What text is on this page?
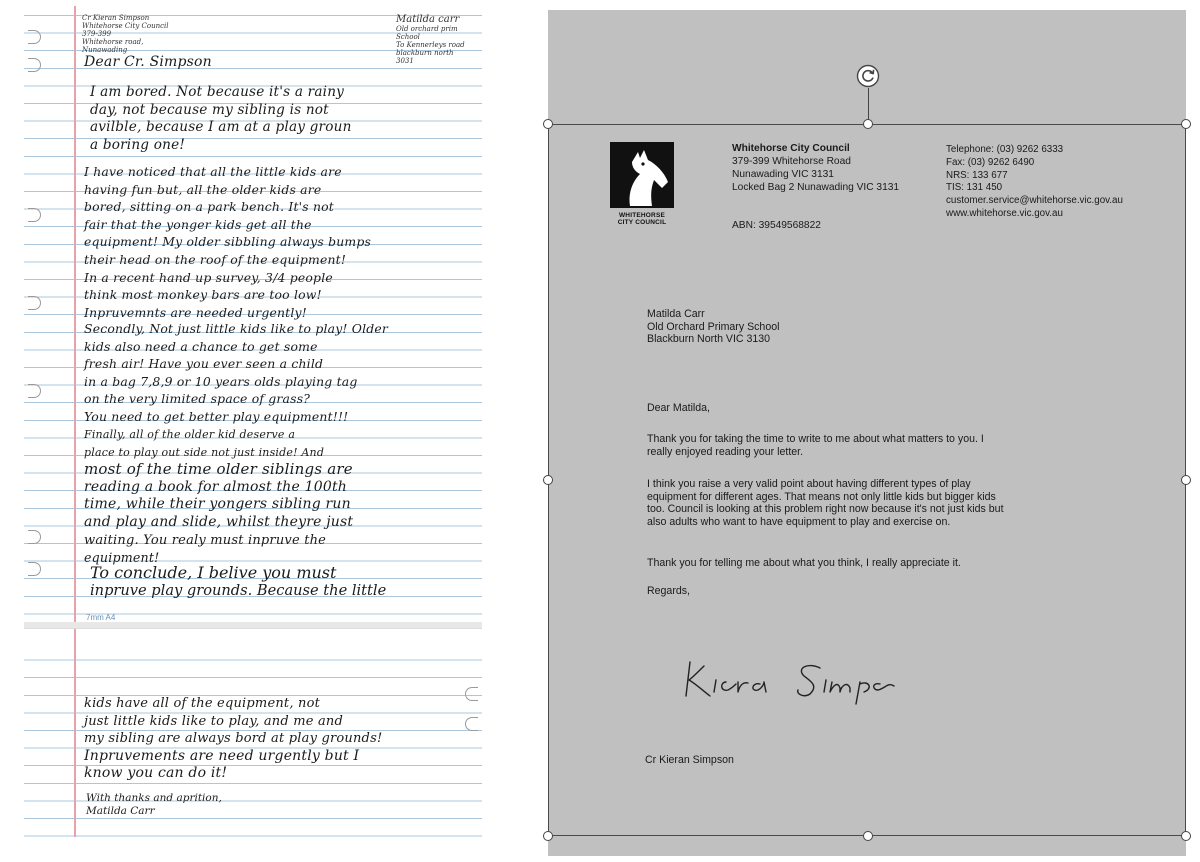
Cr Kieran Simpson
Whitehorse City Council
379-399
Whitehorse road,
Nunawading
Matilda carr
Old orchard prim
School
To Kennerleys road
blackburn north
3031
Dear Cr. Simpson
I am bored. Not because it's a rainy
day, not because my sibling is not
avilble, because I am at a play groun
a boring one!
I have noticed that all the little kids are
having fun but, all the older kids are
bored, sitting on a park bench. It's not
fair that the yonger kids get all the
equipment! My older sibbling always bumps
their head on the roof of the equipment!
In a recent hand up survey, 3/4 people
think most monkey bars are too low!
Inpruvemnts are needed urgently!
Secondly, Not just little kids like to play! Older
kids also need a chance to get some
fresh air! Have you ever seen a child
in a bag 7,8,9 or 10 years olds playing tag
on the very limited space of grass?
You need to get better play equipment!!!
Finally, all of the older kid deserve a
place to play out side not just inside! And
most of the time older siblings are
reading a book for almost the 100th
time, while their yongers sibling run
and play and slide, whilst theyre just
waiting. You realy must inpruve the
equipment!
To conclude, I belive you must
inpruve play grounds. Because the little
7mm A4
kids have all of the equipment, not
just little kids like to play, and me and
my sibling are always bord at play grounds!
Inpruvements are need urgently but I
know you can do it!
With thanks and aprition,
Matilda Carr
WHITEHORSE
CITY COUNCIL
Whitehorse City Council
379-399 Whitehorse Road
Nunawading VIC 3131
Locked Bag 2 Nunawading VIC 3131
ABN: 39549568822
Telephone: (03) 9262 6333
Fax: (03) 9262 6490
NRS: 133 677
TIS: 131 450
customer.service@whitehorse.vic.gov.au
www.whitehorse.vic.gov.au
Matilda Carr
Old Orchard Primary School
Blackburn North VIC 3130
Dear Matilda,
Thank you for taking the time to write to me about what matters to you. I
really enjoyed reading your letter.
I think you raise a very valid point about having different types of play
equipment for different ages. That means not only little kids but bigger kids
too. Council is looking at this problem right now because it's not just kids but
also adults who want to have equipment to play and exercise on.
Thank you for telling me about what you think, I really appreciate it.
Regards,
Cr Kieran Simpson
